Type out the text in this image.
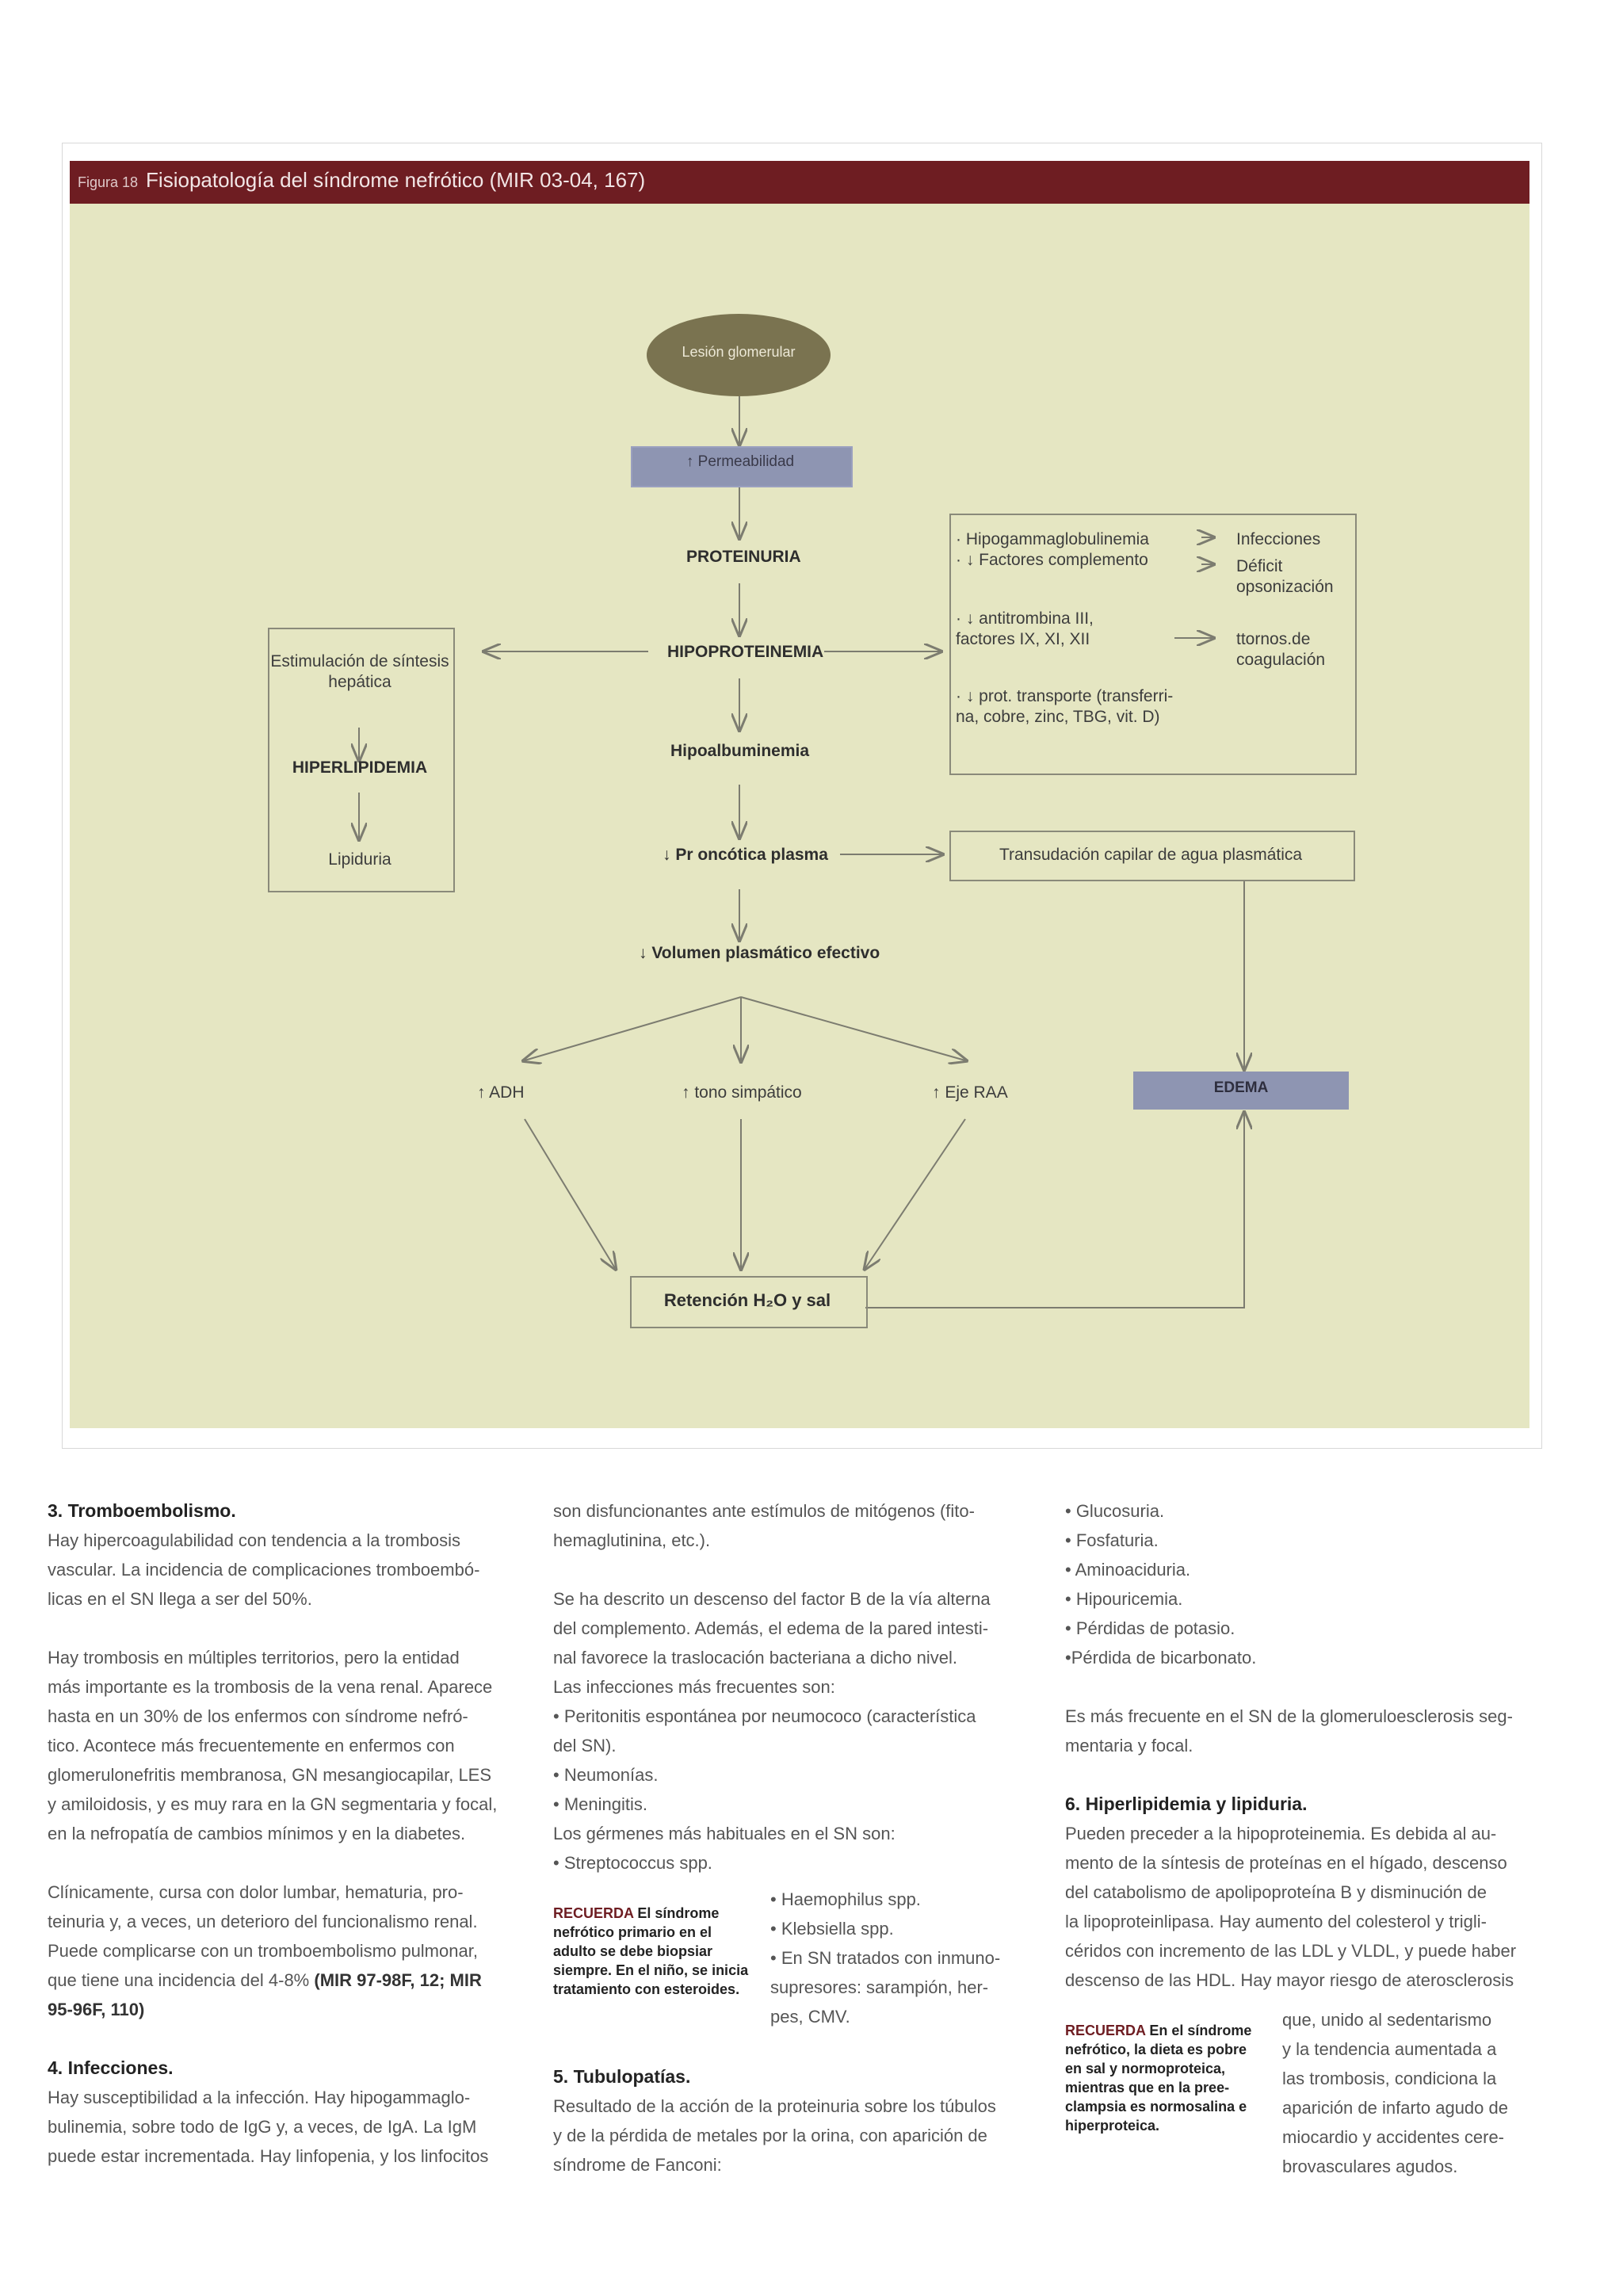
Figura 18 Fisiopatología del síndrome nefrótico (MIR 03-04, 167)
Lesión glomerular
↑ Permeabilidad
PROTEINURIA
HIPOPROTEINEMIA
Hipoalbuminemia
↓ Pr oncótica plasma
↓ Volumen plasmático efectivo
↑ ADH	↑ tono simpático	↑ Eje RAA
Retención H₂O y sal
EDEMA
Transudación capilar de agua plasmática
Estimulación de síntesis
hepática
HIPERLIPIDEMIA
Lipiduria
· Hipogammaglobulinemia
· ↓ Factores complemento
· ↓ antitrombina III,
factores IX, XI, XII
· ↓ prot. transporte (transferri-
na, cobre, zinc, TBG, vit. D)
Infecciones
Déficit
opsonización
ttornos.de
coagulación

3. Tromboembolismo.

Hay hipercoagulabilidad con tendencia a la trombosis

vascular. La incidencia de complicaciones tromboembó-

licas en el SN llega a ser del 50%.

Hay trombosis en múltiples territorios, pero la entidad

más importante es la trombosis de la vena renal. Aparece

hasta en un 30% de los enfermos con síndrome nefró-

tico. Acontece más frecuentemente en enfermos con

glomerulonefritis membranosa, GN mesangiocapilar, LES

y amiloidosis, y es muy rara en la GN segmentaria y focal,

en la nefropatía de cambios mínimos y en la diabetes.

Clínicamente, cursa con dolor lumbar, hematuria, pro-

teinuria y, a veces, un deterioro del funcionalismo renal.

Puede complicarse con un tromboembolismo pulmonar,

que tiene una incidencia del 4-8% (MIR 97-98F, 12; MIR

95-96F, 110)

4. Infecciones.

Hay susceptibilidad a la infección. Hay hipogammaglo-

bulinemia, sobre todo de IgG y, a veces, de IgA. La IgM

puede estar incrementada. Hay linfopenia, y los linfocitos

son disfuncionantes ante estímulos de mitógenos (fito-

hemaglutinina, etc.).

Se ha descrito un descenso del factor B de la vía alterna

del complemento. Además, el edema de la pared intesti-

nal favorece la traslocación bacteriana a dicho nivel.

Las infecciones más frecuentes son:

• Peritonitis espontánea por neumococo (característica

del SN).

• Neumonías.

• Meningitis.

Los gérmenes más habituales en el SN son:

• Streptococcus spp.

RECUERDA El síndrome
nefrótico primario en el
adulto se debe biopsiar
siempre. En el niño, se inicia
tratamiento con esteroides.

• Haemophilus spp.

• Klebsiella spp.

• En SN tratados con inmuno-

supresores: sarampión, her-

pes, CMV.

5. Tubulopatías.

Resultado de la acción de la proteinuria sobre los túbulos

y de la pérdida de metales por la orina, con aparición de

síndrome de Fanconi:

• Glucosuria.

• Fosfaturia.

• Aminoaciduria.

• Hipouricemia.

• Pérdidas de potasio.

•Pérdida de bicarbonato.

Es más frecuente en el SN de la glomeruloesclerosis seg-

mentaria y focal.

6. Hiperlipidemia y lipiduria.

Pueden preceder a la hipoproteinemia. Es debida al au-

mento de la síntesis de proteínas en el hígado, descenso

del catabolismo de apolipoproteína B y disminución de

la lipoproteinlipasa. Hay aumento del colesterol y trigli-

céridos con incremento de las LDL y VLDL, y puede haber

descenso de las HDL. Hay mayor riesgo de aterosclerosis

RECUERDA En el síndrome
nefrótico, la dieta es pobre
en sal y normoproteica,
mientras que en la pree-
clampsia es normosalina e
hiperproteica.

que, unido al sedentarismo

y la tendencia aumentada a

las trombosis, condiciona la

aparición de infarto agudo de

miocardio y accidentes cere-

brovasculares agudos.
